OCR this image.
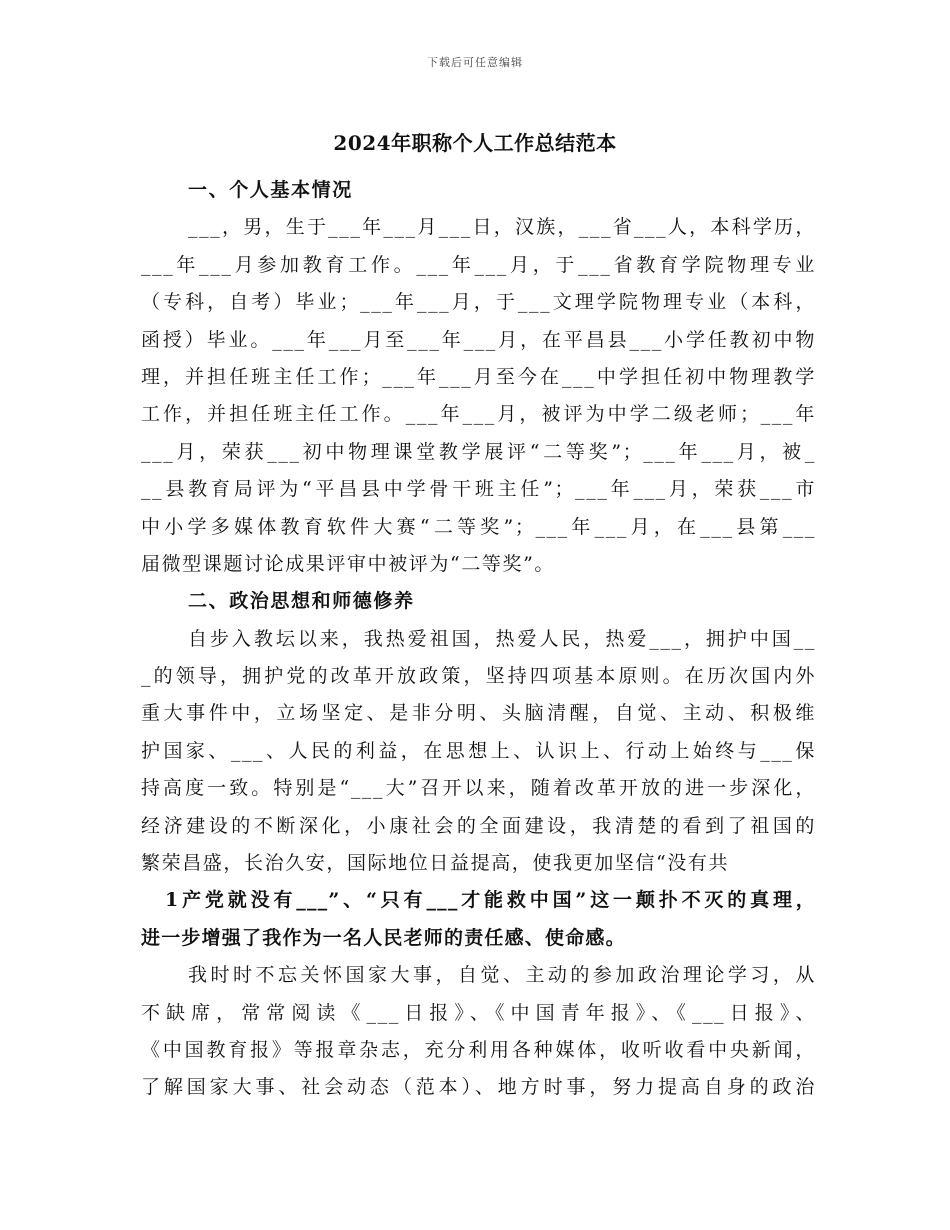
下载后可任意编辑
2024年职称个人工作总结范本
一、个人基本情况
___，男，生于___年___月___日，汉族，___省___人，本科学历，
___年___月参加教育工作。___年___月，于___省教育学院物理专业
（专科，自考）毕业；___年___月，于___文理学院物理专业（本科，
函授）毕业。___年___月至___年___月，在平昌县___小学任教初中物
理，并担任班主任工作；___年___月至今在___中学担任初中物理教学
工作，并担任班主任工作。___年___月，被评为中学二级老师；___年
___月，荣获___初中物理课堂教学展评“二等奖”；___年___月，被_
__县教育局评为“平昌县中学骨干班主任”；___年___月，荣获___市
中小学多媒体教育软件大赛“二等奖”；___年___月，在___县第___
届微型课题讨论成果评审中被评为“二等奖”。
二、政治思想和师德修养
自步入教坛以来，我热爱祖国，热爱人民，热爱___，拥护中国__
_的领导，拥护党的改革开放政策，坚持四项基本原则。在历次国内外
重大事件中，立场坚定、是非分明、头脑清醒，自觉、主动、积极维
护国家、___、人民的利益，在思想上、认识上、行动上始终与___保
持高度一致。特别是“___大”召开以来，随着改革开放的进一步深化，
经济建设的不断深化，小康社会的全面建设，我清楚的看到了祖国的
繁荣昌盛，长治久安，国际地位日益提高，使我更加坚信“没有共
1产党就没有___”、“只有___才能救中国”这一颠扑不灭的真理，
进一步增强了我作为一名人民老师的责任感、使命感。
我时时不忘关怀国家大事，自觉、主动的参加政治理论学习，从
不缺席，常常阅读《___日报》、《中国青年报》、《___日报》、
《中国教育报》等报章杂志，充分利用各种媒体，收听收看中央新闻，
了解国家大事、社会动态（范本）、地方时事，努力提高自身的政治
